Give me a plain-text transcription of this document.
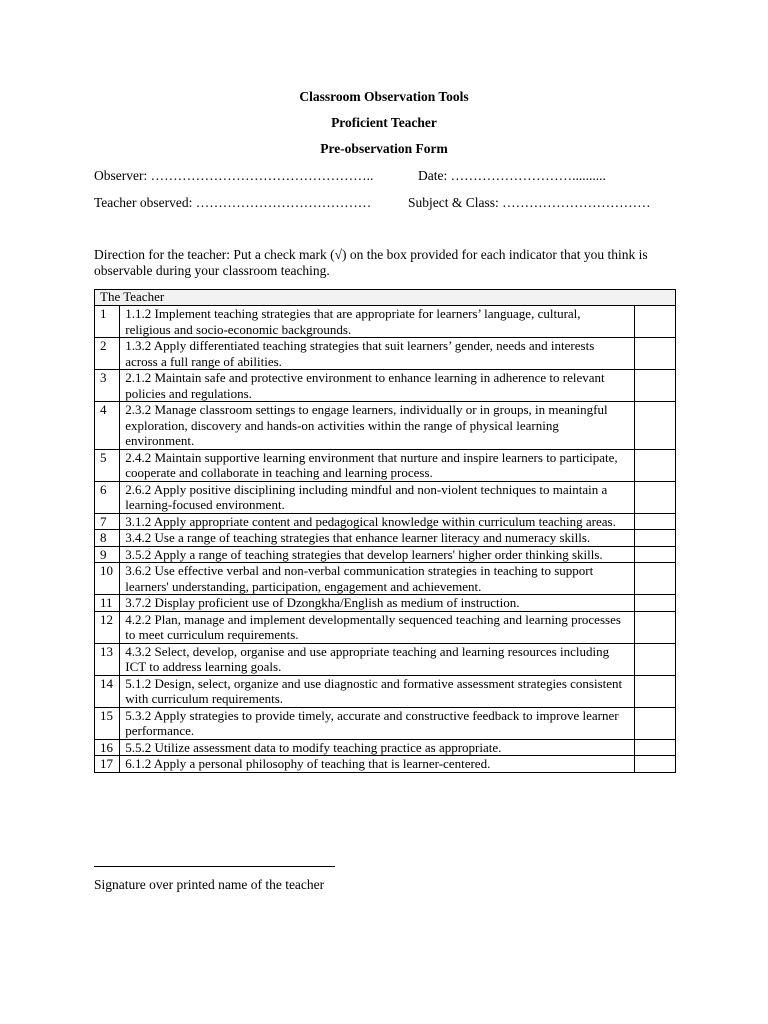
Classroom Observation Tools
Proficient Teacher
Pre-observation Form
Observer: …………………………………………..	Date: ………………………..........
Teacher observed: …………………………………	Subject & Class: ……………………………
Direction for the teacher: Put a check mark (√) on the box provided for each indicator that you think is observable during your classroom teaching.
The Teacher		
1	1.1.2 Implement teaching strategies that are appropriate for learners’ language, cultural, religious and socio-economic backgrounds.	
2	1.3.2 Apply differentiated teaching strategies that suit learners’ gender, needs and interests across a full range of abilities.	
3	2.1.2 Maintain safe and protective environment to enhance learning in adherence to relevant policies and regulations.	
4	2.3.2 Manage classroom settings to engage learners, individually or in groups, in meaningful exploration, discovery and hands-on activities within the range of physical learning environment.	
5	2.4.2 Maintain supportive learning environment that nurture and inspire learners to participate, cooperate and collaborate in teaching and learning process.	
6	2.6.2 Apply positive disciplining including mindful and non-violent techniques to maintain a learning-focused environment.	
7	3.1.2 Apply appropriate content and pedagogical knowledge within curriculum teaching areas.	
8	3.4.2 Use a range of teaching strategies that enhance learner literacy and numeracy skills.	
9	3.5.2 Apply a range of teaching strategies that develop learners' higher order thinking skills.	
10	3.6.2 Use effective verbal and non-verbal communication strategies in teaching to support learners' understanding, participation, engagement and achievement.	
11	3.7.2 Display proficient use of Dzongkha/English as medium of instruction.	
12	4.2.2 Plan, manage and implement developmentally sequenced teaching and learning processes to meet curriculum requirements.	
13	4.3.2 Select, develop, organise and use appropriate teaching and learning resources including ICT to address learning goals.	
14	5.1.2 Design, select, organize and use diagnostic and formative assessment strategies consistent with curriculum requirements.	
15	5.3.2 Apply strategies to provide timely, accurate and constructive feedback to improve learner performance.	
16	5.5.2 Utilize assessment data to modify teaching practice as appropriate.	
17	6.1.2 Apply a personal philosophy of teaching that is learner-centered.	
Signature over printed name of the teacher
